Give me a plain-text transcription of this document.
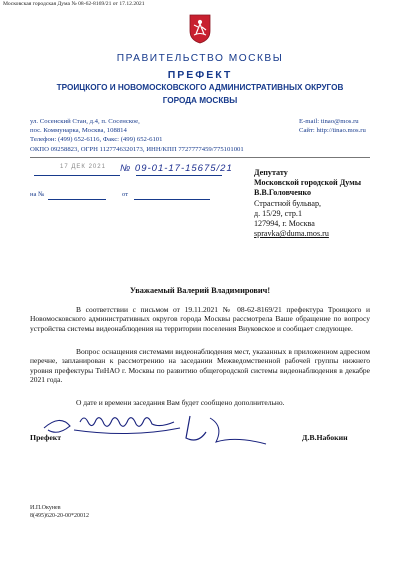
Московская городская Дума № 08-62-8169/21 от 17.12.2021
ПРАВИТЕЛЬСТВО МОСКВЫ
ПРЕФЕКТ
ТРОИЦКОГО И НОВОМОСКОВСКОГО АДМИНИСТРАТИВНЫХ ОКРУГОВ
ГОРОДА МОСКВЫ
ул. Сосенский Стан, д.4, п. Сосенское,
пос. Коммунарка, Москва, 108814
Телефон: (499) 652-6116, Факс: (499) 652-6101
ОКПО 09258823, ОГРН 1127746320173, ИНН/КПП 7727777459/775101001
E-mail: tinao@mos.ru
Сайт: http://tinao.mos.ru
17 ДЕК 2021 № 09-01-17-15675/21
на №	от
Депутату
Московской городской Думы
В.В.Головченко
Страстной бульвар,
д. 15/29, стр.1
127994, г. Москва
spravka@duma.mos.ru
Уважаемый Валерий Владимирович!
В соответствии с письмом от 19.11.2021 № 08-62-8169/21 префектура Троицкого и Новомосковского административных округов города Москвы рассмотрела Ваше обращение по вопросу устройства системы видеонаблюдения на территории поселения Внуковское и сообщает следующее.
Вопрос оснащения системами видеонаблюдения мест, указанных в приложенном адресном перечне, запланирован к рассмотрению на заседании Межведомственной рабочей группы нижнего уровня префектуры ТиНАО г. Москвы по развитию общегородской системы видеонаблюдения в декабре 2021 года.
О дате и времени заседания Вам будет сообщено дополнительно.
Префект	Д.В.Набокин
И.П.Окунев
8(495)620-20-00*20012
